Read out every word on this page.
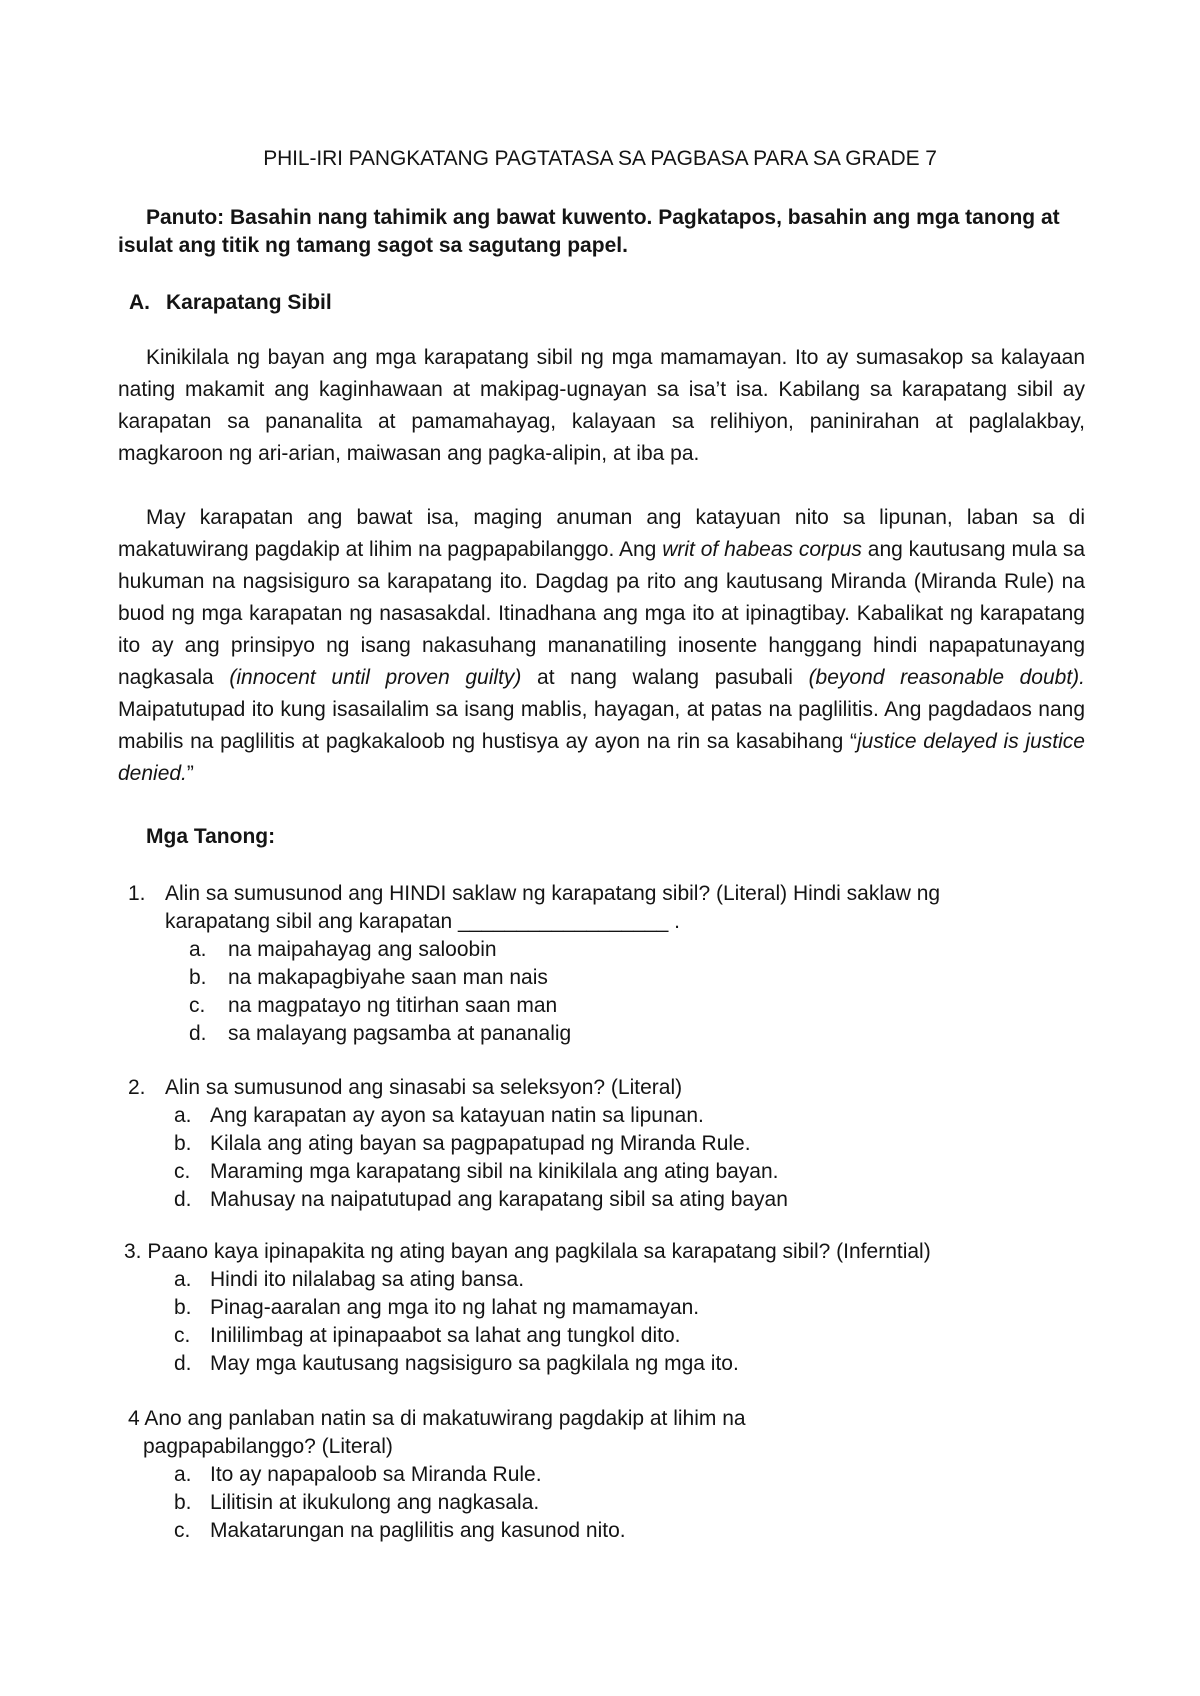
PHIL-IRI PANGKATANG PAGTATASA SA PAGBASA PARA SA GRADE 7
Panuto: Basahin nang tahimik ang bawat kuwento. Pagkatapos, basahin ang mga tanong at isulat ang titik ng tamang sagot sa sagutang papel.
A. Karapatang Sibil

Kinikilala ng bayan ang mga karapatang sibil ng mga mamamayan. Ito ay sumasakop sa kalayaan nating makamit ang kaginhawaan at makipag-ugnayan sa isa’t isa. Kabilang sa karapatang sibil ay karapatan sa pananalita at pamamahayag, kalayaan sa relihiyon, paninirahan at paglalakbay, magkaroon ng ari-arian, maiwasan ang pagka-alipin, at iba pa.

May karapatan ang bawat isa, maging anuman ang katayuan nito sa lipunan, laban sa di makatuwirang pagdakip at lihim na pagpapabilanggo. Ang writ of habeas corpus ang kautusang mula sa hukuman na nagsisiguro sa karapatang ito. Dagdag pa rito ang kautusang Miranda (Miranda Rule) na buod ng mga karapatan ng nasasakdal. Itinadhana ang mga ito at ipinagtibay. Kabalikat ng karapatang ito ay ang prinsipyo ng isang nakasuhang mananatiling inosente hanggang hindi napapatunayang nagkasala (innocent until proven guilty) at nang walang pasubali (beyond reasonable doubt). Maipatutupad ito kung isasailalim sa isang mablis, hayagan, at patas na paglilitis. Ang pagdadaos nang mabilis na paglilitis at pagkakaloob ng hustisya ay ayon na rin sa kasabihang “justice delayed is justice denied.”

Mga Tanong:
1. Alin sa sumusunod ang HINDI saklaw ng karapatang sibil? (Literal) Hindi saklaw ng
karapatang sibil ang karapatan __________________ .
a. na maipahayag ang saloobin
b. na makapagbiyahe saan man nais
c. na magpatayo ng titirhan saan man
d. sa malayang pagsamba at pananalig
2. Alin sa sumusunod ang sinasabi sa seleksyon? (Literal)
a. Ang karapatan ay ayon sa katayuan natin sa lipunan.
b. Kilala ang ating bayan sa pagpapatupad ng Miranda Rule.
c. Maraming mga karapatang sibil na kinikilala ang ating bayan.
d. Mahusay na naipatutupad ang karapatang sibil sa ating bayan
3. Paano kaya ipinapakita ng ating bayan ang pagkilala sa karapatang sibil? (Inferntial)
a. Hindi ito nilalabag sa ating bansa.
b. Pinag-aaralan ang mga ito ng lahat ng mamamayan.
c. Inililimbag at ipinapaabot sa lahat ang tungkol dito.
d. May mga kautusang nagsisiguro sa pagkilala ng mga ito.
4 Ano ang panlaban natin sa di makatuwirang pagdakip at lihim na
pagpapabilanggo? (Literal)
a. Ito ay napapaloob sa Miranda Rule.
b. Lilitisin at ikukulong ang nagkasala.
c. Makatarungan na paglilitis ang kasunod nito.
